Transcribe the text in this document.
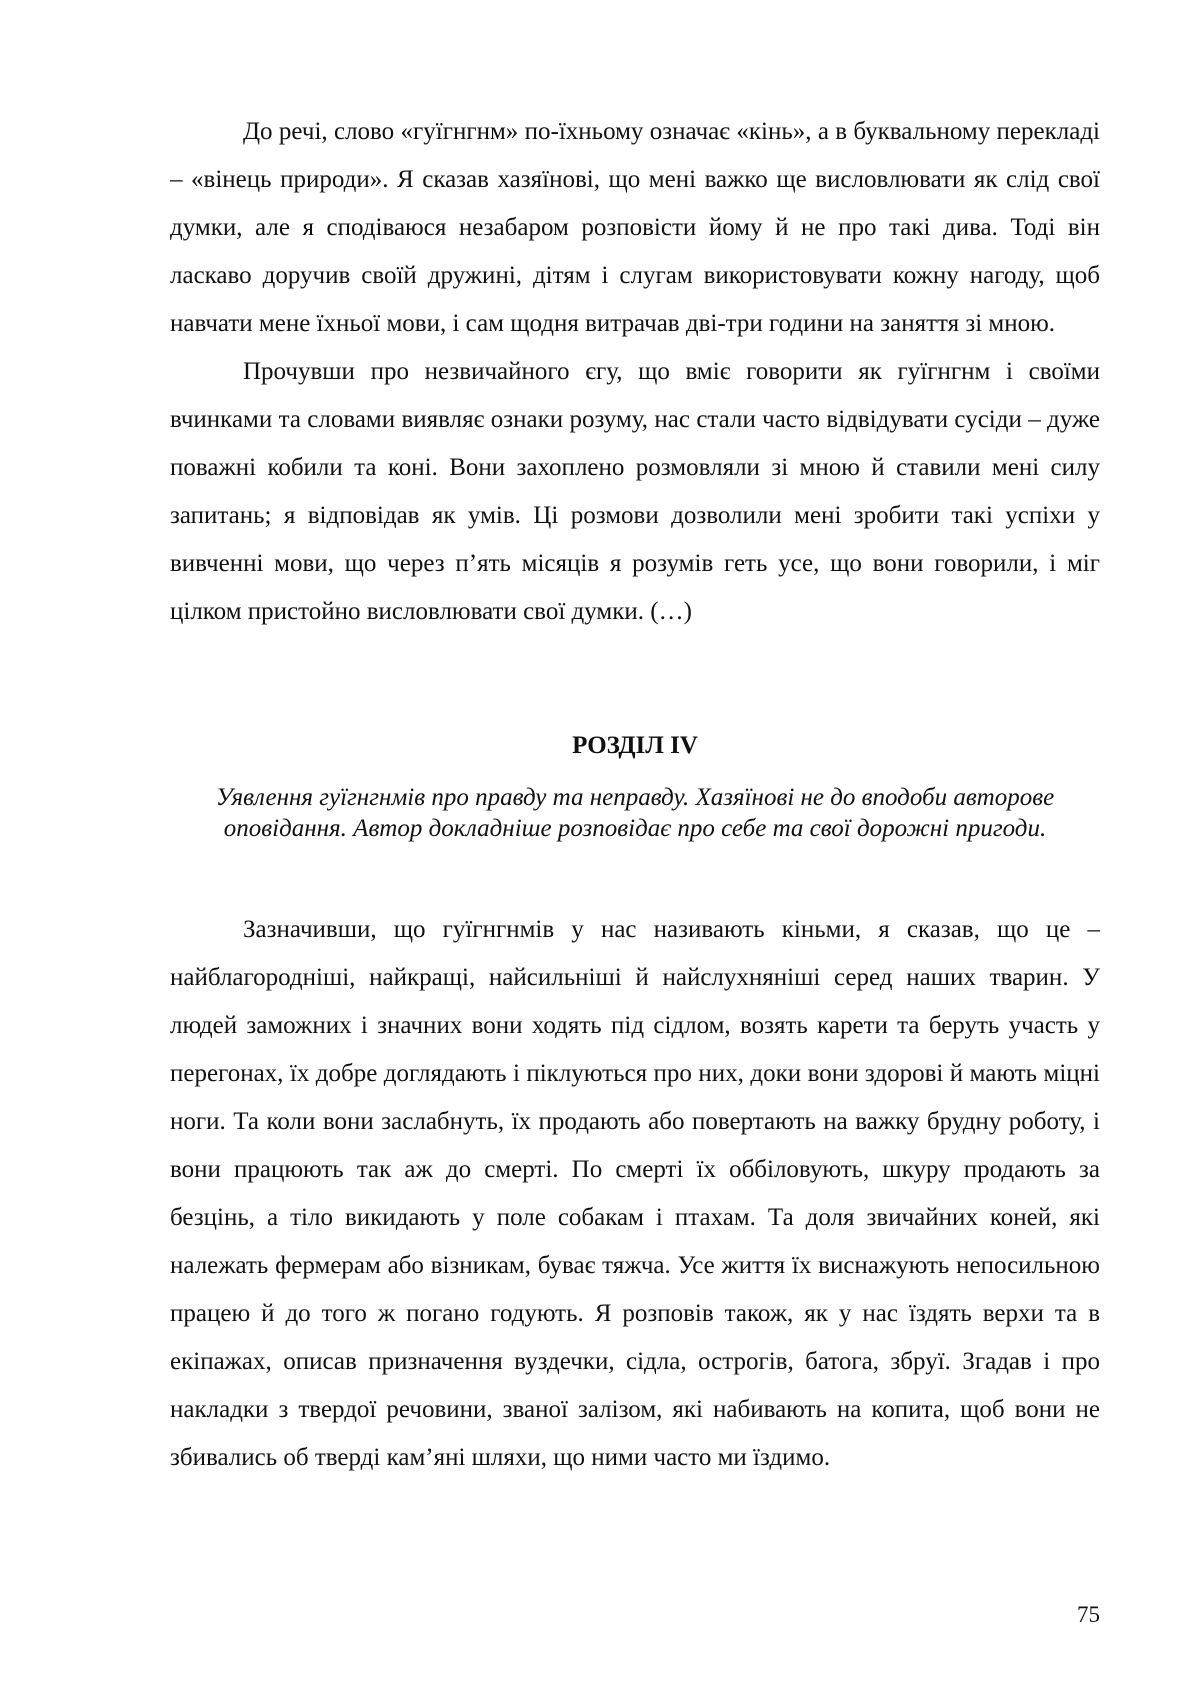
До речі, слово «гуїгнгнм» по-їхньому означає «кінь», а в буквальному перекладі – «вінець природи». Я сказав хазяїнові, що мені важко ще висловлювати як слід свої думки, але я сподіваюся незабаром розповісти йому й не про такі дива. Тоді він ласкаво доручив своїй дружині, дітям і слугам використовувати кожну нагоду, щоб навчати мене їхньої мови, і сам щодня витрачав дві-три години на заняття зі мною.

Прочувши про незвичайного єгу, що вміє говорити як гуїгнгнм і своїми вчинками та словами виявляє ознаки розуму, нас стали часто відвідувати сусіди – дуже поважні кобили та коні. Вони захоплено розмовляли зі мною й ставили мені силу запитань; я відповідав як умів. Ці розмови дозволили мені зробити такі успіхи у вивченні мови, що через п’ять місяців я розумів геть усе, що вони говорили, і міг цілком пристойно висловлювати свої думки. (…)

РОЗДІЛ IV

Уявлення гуїгнгнмів про правду та неправду. Хазяїнові не до вподоби авторове оповідання. Автор докладніше розповідає про себе та свої дорожні пригоди.

Зазначивши, що гуїгнгнмів у нас називають кіньми, я сказав, що це – найблагородніші, найкращі, найсильніші й найслухняніші серед наших тварин. У людей заможних і значних вони ходять під сідлом, возять карети та беруть участь у перегонах, їх добре доглядають і піклуються про них, доки вони здорові й мають міцні ноги. Та коли вони заслабнуть, їх продають або повертають на важку брудну роботу, і вони працюють так аж до смерті. По смерті їх оббіловують, шкуру продають за безцінь, а тіло викидають у поле собакам і птахам. Та доля звичайних коней, які належать фермерам або візникам, буває тяжча. Усе життя їх виснажують непосильною працею й до того ж погано годують. Я розповів також, як у нас їздять верхи та в екіпажах, описав призначення вуздечки, сідла, острогів, батога, збруї. Згадав і про накладки з твердої речовини, званої залізом, які набивають на копита, щоб вони не збивались об тверді кам’яні шляхи, що ними часто ми їздимо.

75
